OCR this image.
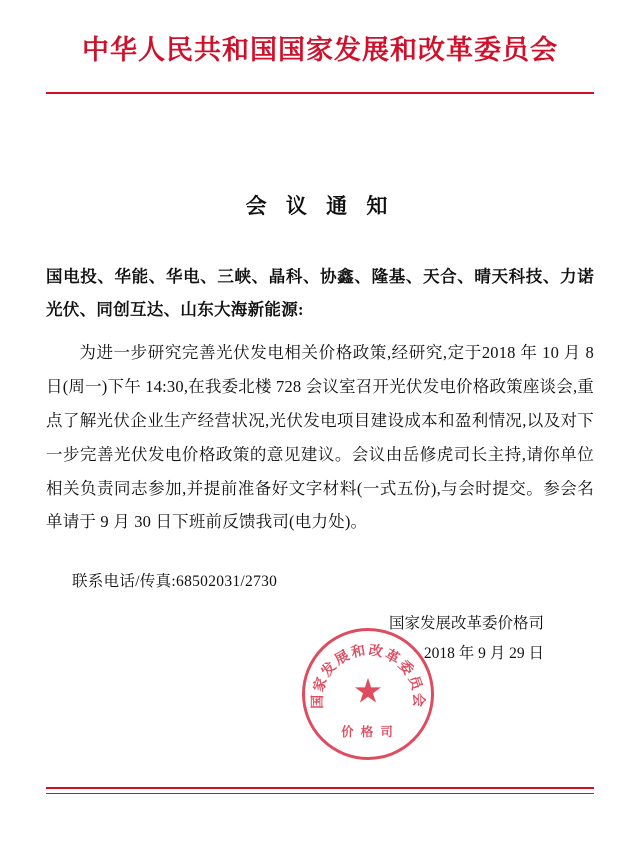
中华人民共和国国家发展和改革委员会
会 议 通 知
国电投、华能、华电、三峡、晶科、协鑫、隆基、天合、晴天科技、力诺光伏、同创互达、山东大海新能源:
为进一步研究完善光伏发电相关价格政策,经研究,定于2018 年 10 月 8 日(周一)下午 14:30,在我委北楼 728 会议室召开光伏发电价格政策座谈会,重点了解光伏企业生产经营状况,光伏发电项目建设成本和盈利情况,以及对下一步完善光伏发电价格政策的意见建议。会议由岳修虎司长主持,请你单位相关负责同志参加,并提前准备好文字材料(一式五份),与会时提交。参会名单请于 9 月 30 日下班前反馈我司(电力处)。
联系电话/传真:68502031/2730
国家发展改革委价格司
2018 年 9 月 29 日
国家发展和改革委员会
★
价 格 司
